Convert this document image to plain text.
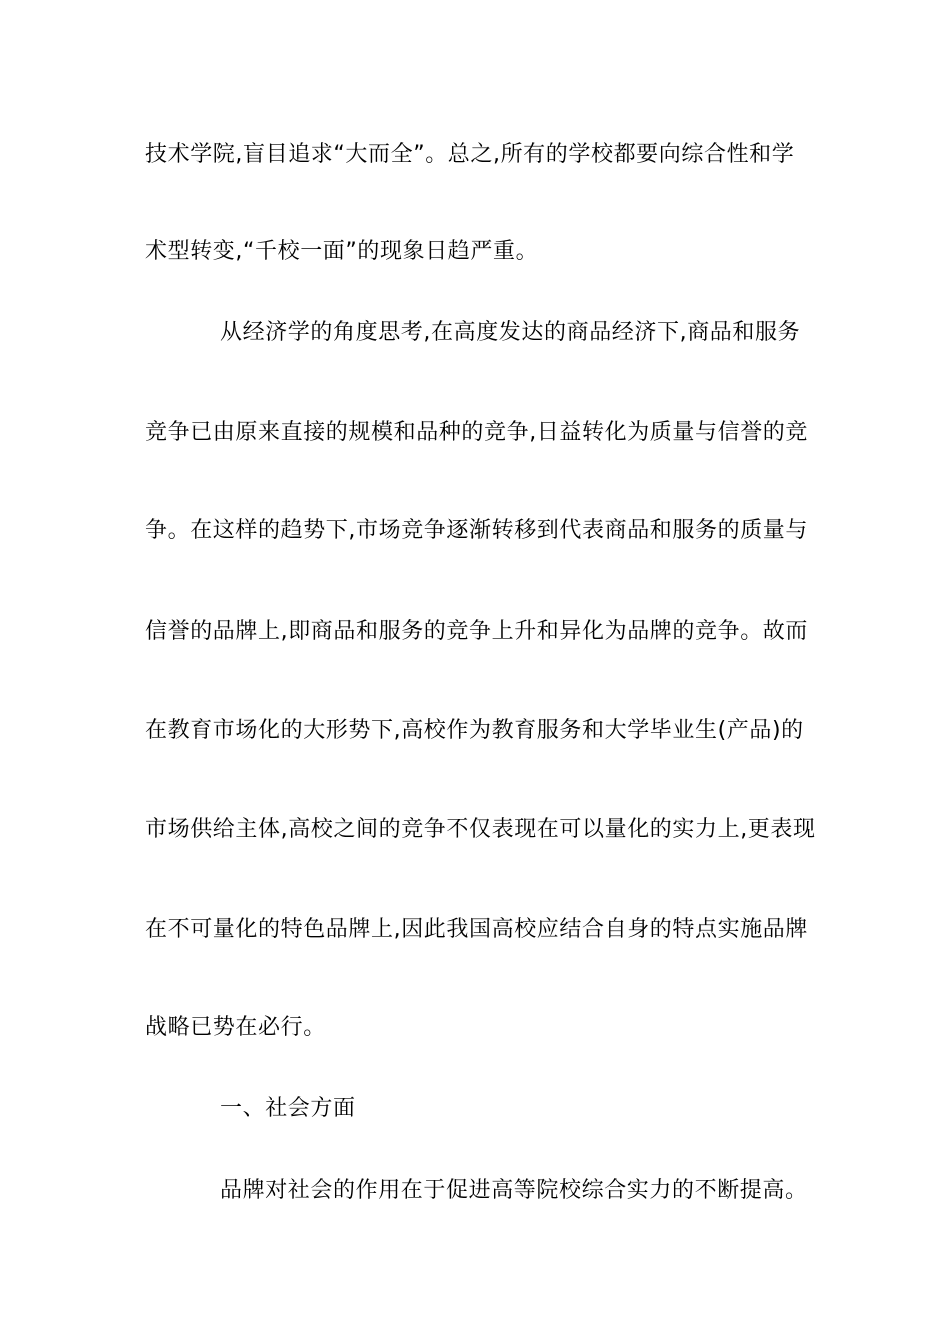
技术学院,盲目追求“大而全”。总之,所有的学校都要向综合性和学
术型转变,“千校一面”的现象日趋严重。
从经济学的角度思考,在高度发达的商品经济下,商品和服务
竞争已由原来直接的规模和品种的竞争,日益转化为质量与信誉的竞
争。在这样的趋势下,市场竞争逐渐转移到代表商品和服务的质量与
信誉的品牌上,即商品和服务的竞争上升和异化为品牌的竞争。故而
在教育市场化的大形势下,高校作为教育服务和大学毕业生(产品)的
市场供给主体,高校之间的竞争不仅表现在可以量化的实力上,更表现
在不可量化的特色品牌上,因此我国高校应结合自身的特点实施品牌
战略已势在必行。
一、社会方面
品牌对社会的作用在于促进高等院校综合实力的不断提高。
